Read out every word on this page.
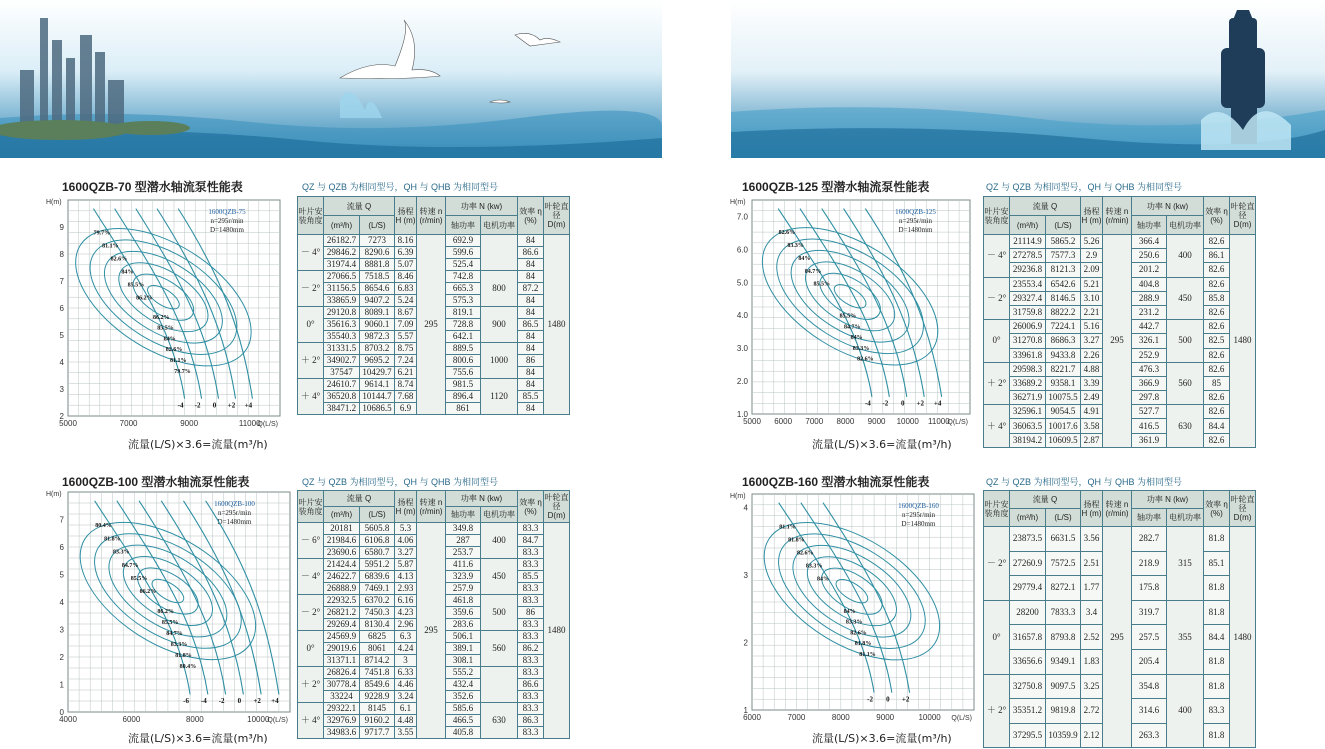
1600QZB-70 型潜水轴流泵性能表	QZ 与 QZB 为相同型号，QH 与 QHB 为相同型号
5000	7000	9000	11000
2
3
4
5
6
7
8
9
H(m)
Q(L/S)
1600QZB-75
n=295r/min
D=1480mm
-4 -2 0 +2 +4
79.7%
81.1%
82.6%
84%
85.5%
86.2%
86.2%
85.5%
84%
82.6%
81.1%
79.7%
流量(L/S)×3.6=流量(m³/h)
1600QZB-125 型潜水轴流泵性能表	QZ 与 QZB 为相同型号，QH 与 QHB 为相同型号
5000 6000 7000 8000 9000 10000 11000
1.0
2.0
3.0
4.0
5.0
6.0
7.0
H(m)
Q(L/S)
1600QZB-125
n=295r/min
D=1480mm
-4 -2 0 +2 +4
82.6%
83.3%
84%
84.7%
85.5%
85.5%
84.7%
84%
83.3%
82.6%
流量(L/S)×3.6=流量(m³/h)
1600QZB-100 型潜水轴流泵性能表	QZ 与 QZB 为相同型号，QH 与 QHB 为相同型号
4000	6000	8000	10000
0
1
2
3
4
5
6
7
H(m)
Q(L/S)
1600QZB-100
n=295r/min
D=1480mm
-6 -4 -2 0 +2 +4
80.4%
81.8%
83.3%
84.7%
85.5%
86.2%
86.2%
85.5%
84.7%
83.3%
81.8%
80.4%
流量(L/S)×3.6=流量(m³/h)
1600QZB-160 型潜水轴流泵性能表	QZ 与 QZB 为相同型号，QH 与 QHB 为相同型号
6000	7000	8000	9000	10000
1
2
3
4
H(m)
Q(L/S)
1600QZB-160
n=295r/min
D=1480mm
-2 0 +2
81.1%
81.8%
82.6%
83.3%
84%
84%
83.3%
82.6%
81.8%
81.1%
流量(L/S)×3.6=流量(m³/h)
叶片安装角度	流量 Q		扬程 H (m)	转速 n (r/min)	功率 N (kw)		效率 η (%)	叶轮直径 D(m)
	(m³/h)	(L/S)			轴功率	电机功率		
－ 4°	26182.7	7273	8.16	295	692.9		84	1480
	29846.2	8290.6	6.39		599.6		86.6	
	31974.4	8881.8	5.07		525.4		84	
－ 2°	27066.5	7518.5	8.46		742.8	800	84	
	31156.5	8654.6	6.83		665.3		87.2	
	33865.9	9407.2	5.24		575.3		84	
0°	29120.8	8089.1	8.67		819.1	900	84	
	35616.3	9060.1	7.09		728.8		86.5	
	35540.3	9872.3	5.57		642.1		84	
＋ 2°	31331.5	8703.2	8.75		889.5	1000	84	
	34902.7	9695.2	7.24		800.6		86	
	37547	10429.7	6.21		755.6		84	
＋ 4°	24610.7	9614.1	8.74		981.5	1120	84	
	36520.8	10144.7	7.68		896.4		85.5	
	38471.2	10686.5	6.9		861		84	
叶片安装角度	流量 Q		扬程 H (m)	转速 n (r/min)	功率 N (kw)		效率 η (%)	叶轮直径 D(m)
	(m³/h)	(L/S)			轴功率	电机功率		
－ 4°	21114.9	5865.2	5.26	295	366.4	400	82.6	1480
	27278.5	7577.3	2.9		250.6		86.1	
	29236.8	8121.3	2.09		201.2		82.6	
－ 2°	23553.4	6542.6	5.21		404.8	450	82.6	
	29327.4	8146.5	3.10		288.9		85.8	
	31759.8	8822.2	2.21		231.2		82.6	
0°	26006.9	7224.1	5.16		442.7	500	82.6	
	31270.8	8686.3	3.27		326.1		82.5	
	33961.8	9433.8	2.26		252.9		82.6	
＋ 2°	29598.3	8221.7	4.88		476.3	560	82.6	
	33689.2	9358.1	3.39		366.9		85	
	36271.9	10075.5	2.49		297.8		82.6	
＋ 4°	32596.1	9054.5	4.91		527.7	630	82.6	
	36063.5	10017.6	3.58		416.5		84.4	
	38194.2	10609.5	2.87		361.9		82.6	
叶片安装角度	流量 Q		扬程 H (m)	转速 n (r/min)	功率 N (kw)		效率 η (%)	叶轮直径 D(m)
	(m³/h)	(L/S)			轴功率	电机功率		
－ 6°	20181	5605.8	5.3	295	349.8	400	83.3	1480
	21984.6	6106.8	4.06		287		84.7	
	23690.6	6580.7	3.27		253.7		83.3	
－ 4°	21424.4	5951.2	5.87		411.6	450	83.3	
	24622.7	6839.6	4.13		323.9		85.5	
	26888.9	7469.1	2.93		257.9		83.3	
－ 2°	22932.5	6370.2	6.16		461.8	500	83.3	
	26821.2	7450.3	4.23		359.6		86	
	29269.4	8130.4	2.96		283.6		83.3	
0°	24569.9	6825	6.3		506.1	560	83.3	
	29019.6	8061	4.24		389.1		86.2	
	31371.1	8714.2	3		308.1		83.3	
＋ 2°	26826.4	7451.8	6.33		555.2		83.3	
	30778.4	8549.6	4.46		432.4		86.6	
	33224	9228.9	3.24		352.6		83.3	
＋ 4°	29322.1	8145	6.1		585.6	630	83.3	
	32976.9	9160.2	4.48		466.5		86.3	
	34983.6	9717.7	3.55		405.8		83.3	
叶片安装角度	流量 Q		扬程 H (m)	转速 n (r/min)	功率 N (kw)		效率 η (%)	叶轮直径 D(m)
	(m³/h)	(L/S)			轴功率	电机功率		
－ 2°	23873.5	6631.5	3.56	295	282.7	315	81.8	1480
	27260.9	7572.5	2.51		218.9		85.1	
	29779.4	8272.1	1.77		175.8		81.8	
0°	28200	7833.3	3.4		319.7	355	81.8	
	31657.8	8793.8	2.52		257.5		84.4	
	33656.6	9349.1	1.83		205.4		81.8	
＋ 2°	32750.8	9097.5	3.25		354.8	400	81.8	
	35351.2	9819.8	2.72		314.6		83.3	
	37295.5	10359.9	2.12		263.3		81.8	
